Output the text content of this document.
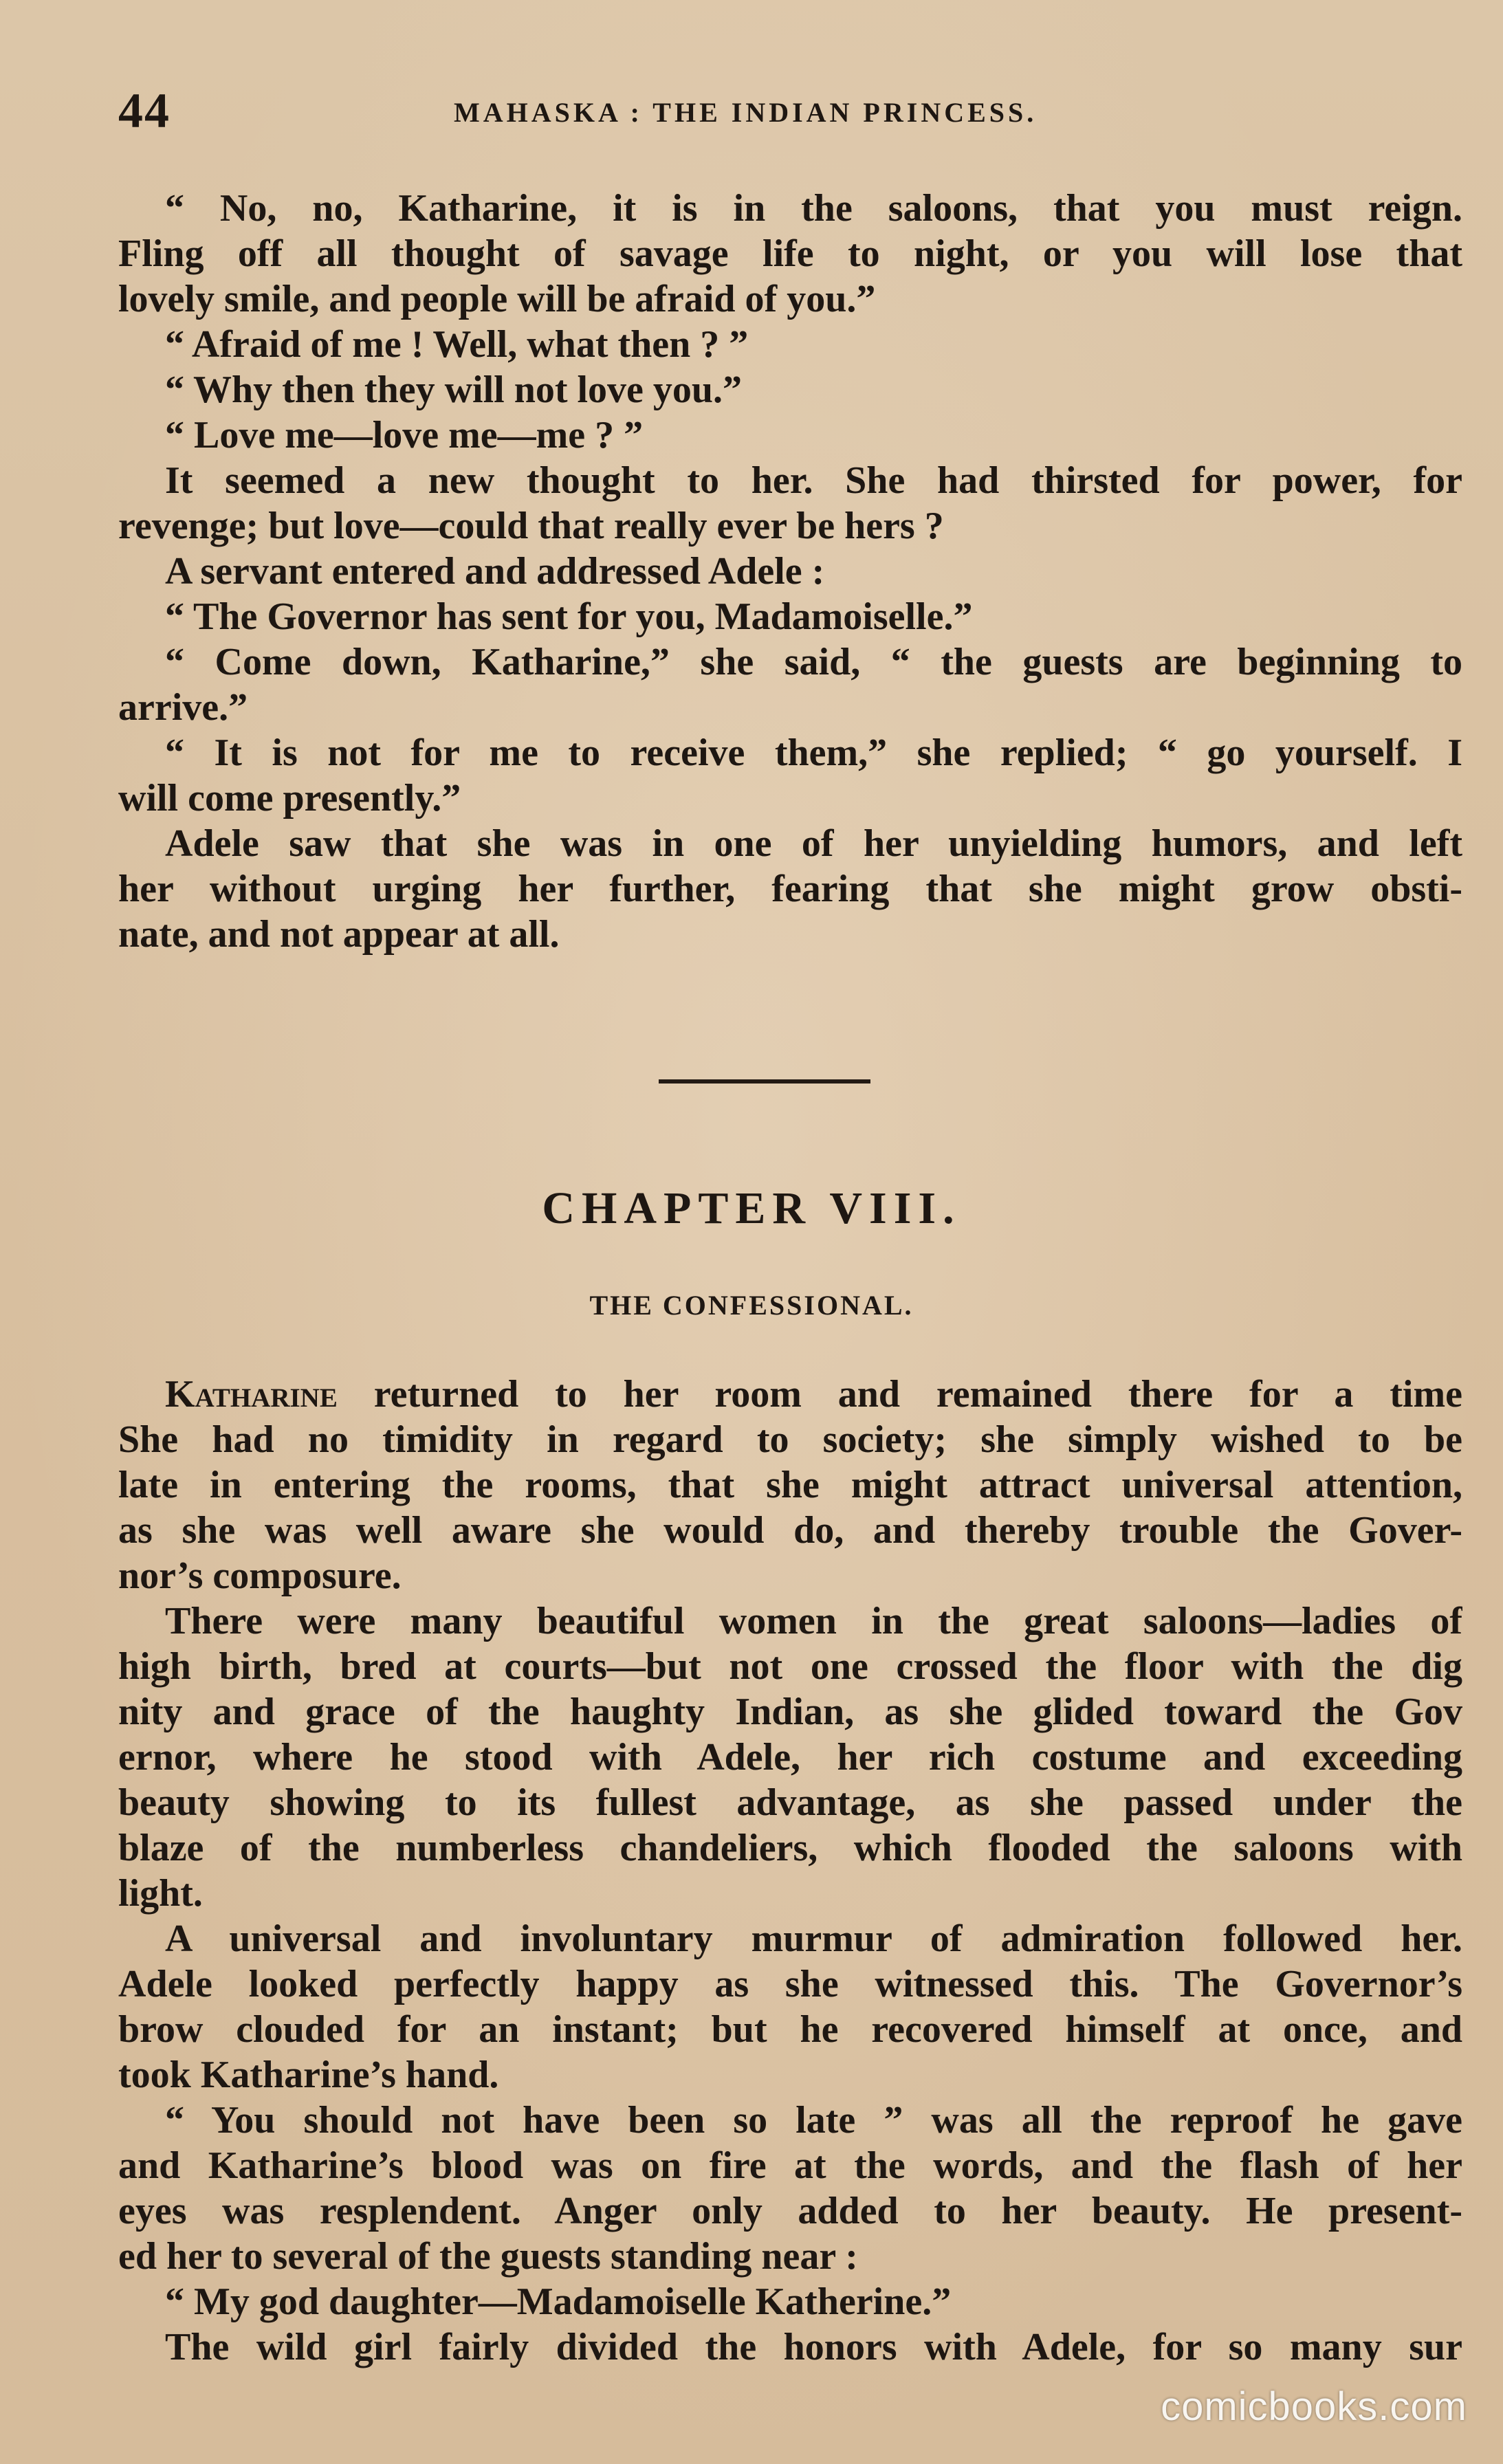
44	MAHASKA : THE INDIAN PRINCESS.
“ No, no, Katharine, it is in the saloons, that you must reign.
Fling off all thought of savage life to night, or you will lose that
lovely smile, and people will be afraid of you.”
“ Afraid of me ! Well, what then ? ”
“ Why then they will not love you.”
“ Love me—love me—me ? ”
It seemed a new thought to her. She had thirsted for power, for
revenge; but love—could that really ever be hers ?
A servant entered and addressed Adele :
“ The Governor has sent for you, Madamoiselle.”
“ Come down, Katharine,” she said, “ the guests are beginning to
arrive.”
“ It is not for me to receive them,” she replied; “ go yourself. I
will come presently.”
Adele saw that she was in one of her unyielding humors, and left
her without urging her further, fearing that she might grow obsti-
nate, and not appear at all.
CHAPTER VIII.
THE CONFESSIONAL.
Katharine returned to her room and remained there for a time
She had no timidity in regard to society; she simply wished to be
late in entering the rooms, that she might attract universal attention,
as she was well aware she would do, and thereby trouble the Gover-
nor’s composure.
There were many beautiful women in the great saloons—ladies of
high birth, bred at courts—but not one crossed the floor with the dig
nity and grace of the haughty Indian, as she glided toward the Gov
ernor, where he stood with Adele, her rich costume and exceeding
beauty showing to its fullest advantage, as she passed under the
blaze of the numberless chandeliers, which flooded the saloons with
light.
A universal and involuntary murmur of admiration followed her.
Adele looked perfectly happy as she witnessed this. The Governor’s
brow clouded for an instant; but he recovered himself at once, and
took Katharine’s hand.
“ You should not have been so late ” was all the reproof he gave
and Katharine’s blood was on fire at the words, and the flash of her
eyes was resplendent. Anger only added to her beauty. He present-
ed her to several of the guests standing near :
“ My god daughter—Madamoiselle Katherine.”
The wild girl fairly divided the honors with Adele, for so many sur
comicbooks.com
